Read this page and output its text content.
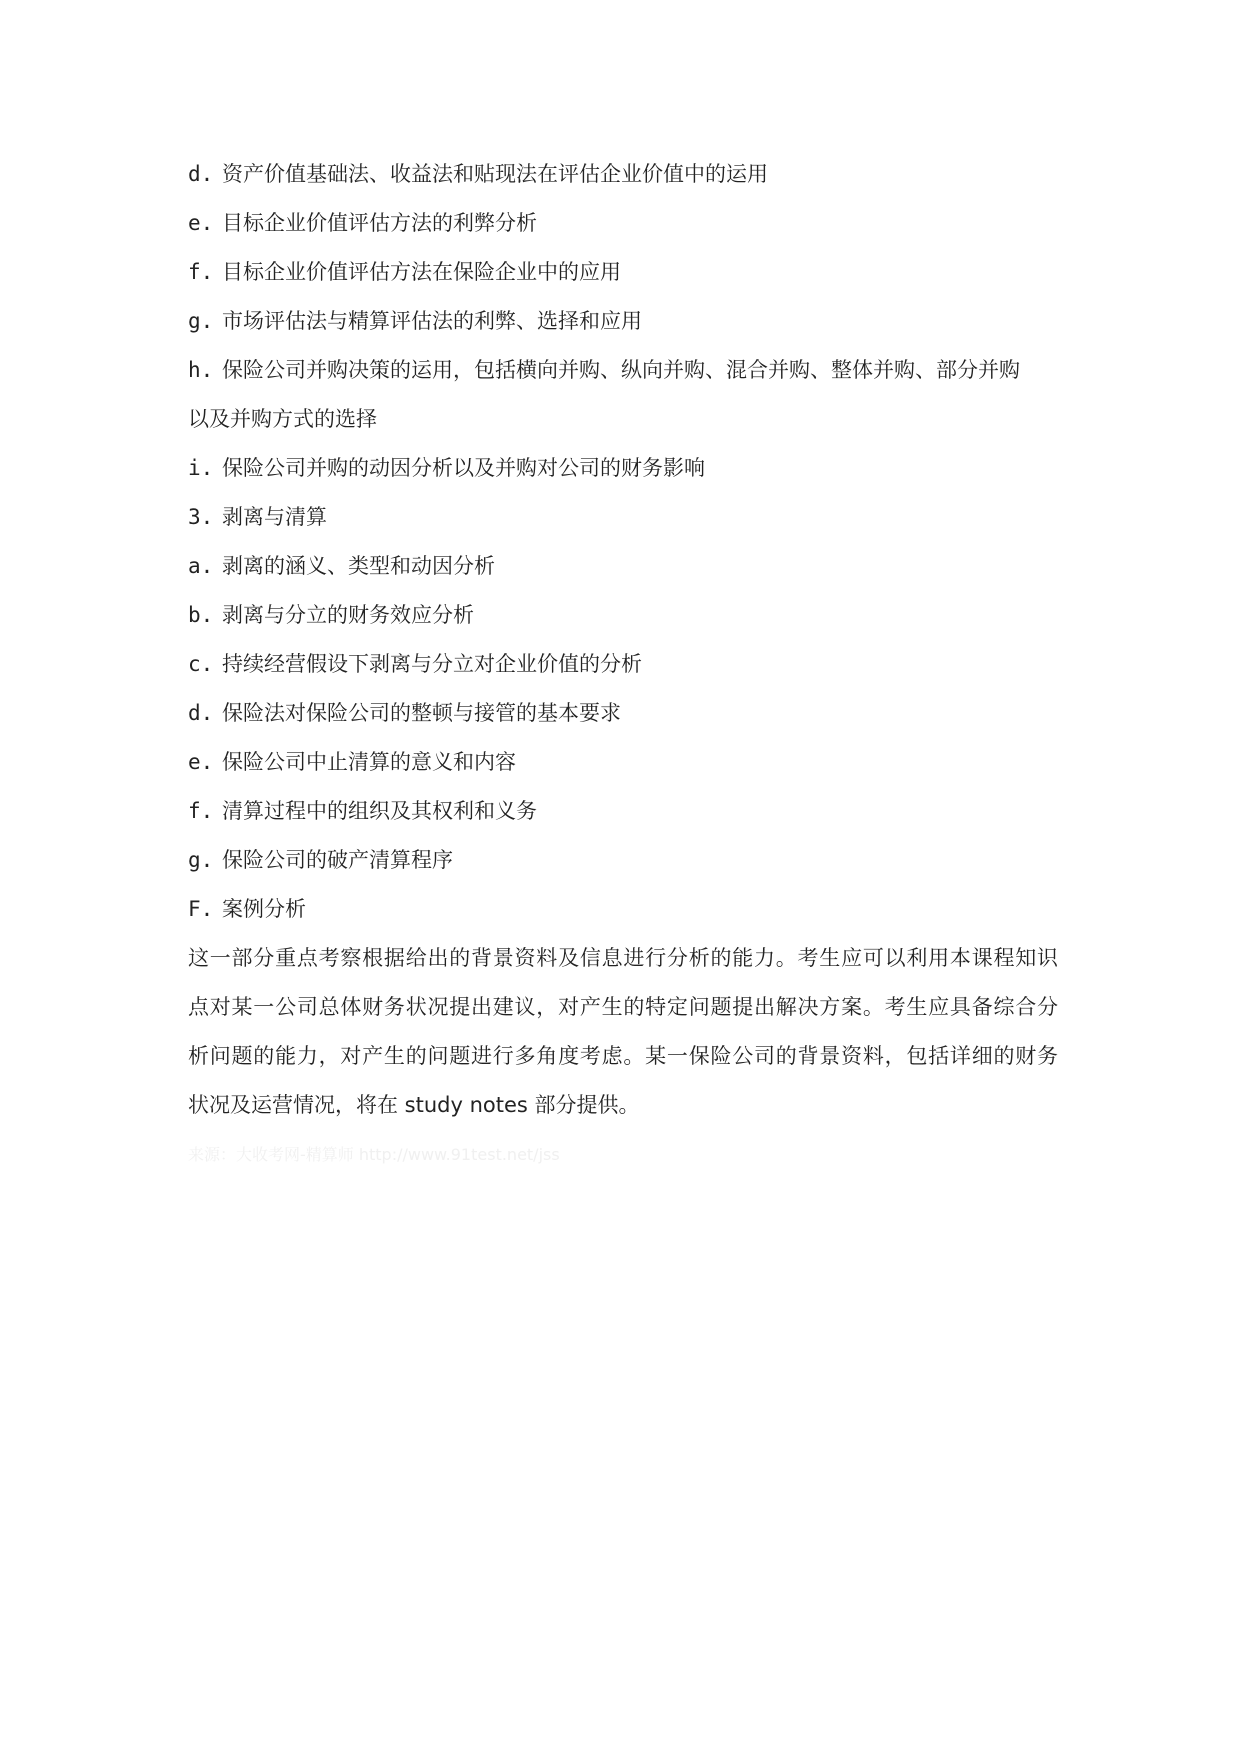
d. 资产价值基础法、收益法和贴现法在评估企业价值中的运用
e. 目标企业价值评估方法的利弊分析
f. 目标企业价值评估方法在保险企业中的应用
g. 市场评估法与精算评估法的利弊、选择和应用
h. 保险公司并购决策的运用，包括横向并购、纵向并购、混合并购、整体并购、部分并购
以及并购方式的选择
i. 保险公司并购的动因分析以及并购对公司的财务影响
3. 剥离与清算
a. 剥离的涵义、类型和动因分析
b. 剥离与分立的财务效应分析
c. 持续经营假设下剥离与分立对企业价值的分析
d. 保险法对保险公司的整顿与接管的基本要求
e. 保险公司中止清算的意义和内容
f. 清算过程中的组织及其权利和义务
g. 保险公司的破产清算程序
F. 案例分析
这一部分重点考察根据给出的背景资料及信息进行分析的能力。考生应可以利用本课程知识
点对某一公司总体财务状况提出建议，对产生的特定问题提出解决方案。考生应具备综合分
析问题的能力，对产生的问题进行多角度考虑。某一保险公司的背景资料，包括详细的财务
状况及运营情况，将在 study notes 部分提供。
来源：大收考网-精算师 http://www.91test.net/jss
